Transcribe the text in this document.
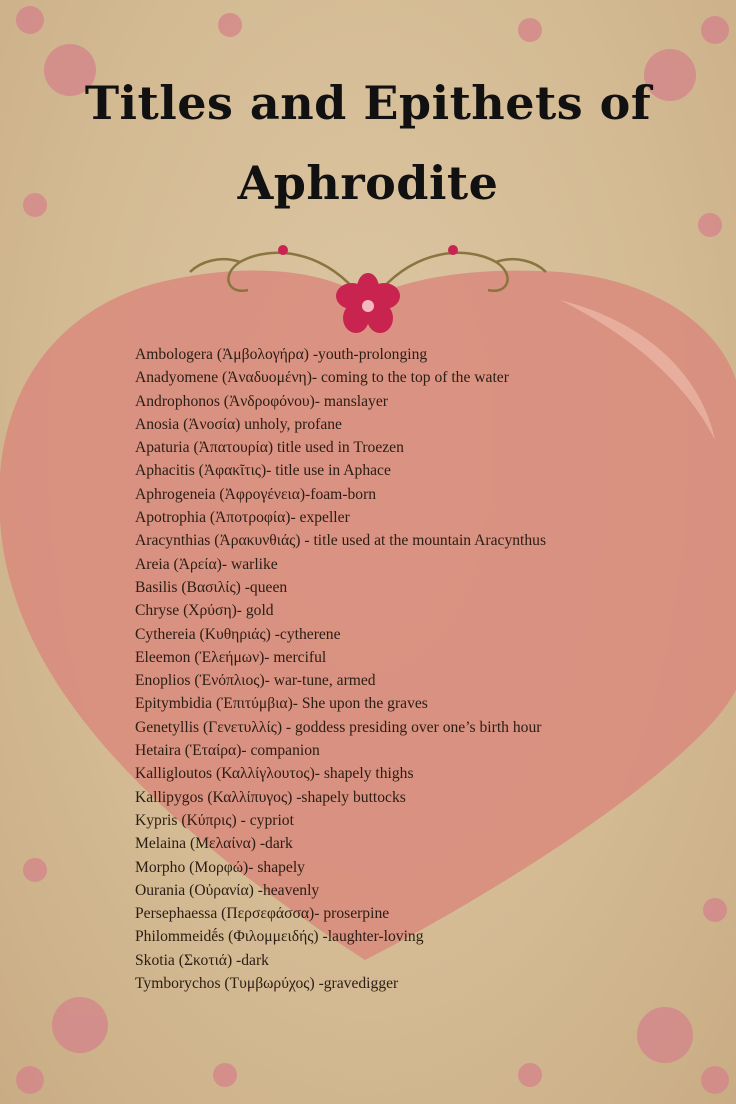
Titles and Epithets of
Aphrodite
Ambologera (Ἀμβολογήρα) -youth-prolonging
Anadyomene (Ἀναδυομένη)- coming to the top of the water
Androphonos (Ἀνδροφόνου)- manslayer
Anosia (Ἀνοσία) unholy, profane
Apaturia (Ἀπατουρία) title used in Troezen
Aphacitis (Ἀφακῖτις)- title use in Aphace
Aphrogeneia (Ἀφρογένεια)-foam-born
Apotrophia (Ἀποτροφία)- expeller
Aracynthias (Ἀρακυνθιάς) - title used at the mountain Aracynthus
Areia (Ἀρεία)- warlike
Basilis (Βασιλίς) -queen
Chryse (Χρύση)- gold
Cythereia (Κυθηριάς) -cytherene
Eleemon (Ἐλεήμων)- merciful
Enoplios (Ἐνόπλιος)- war-tune, armed
Epitymbidia (Ἐπιτύμβια)- She upon the graves
Genetyllis (Γενετυλλίς) - goddess presiding over one’s birth hour
Hetaira (Ἑταίρα)- companion
Kalligloutos (Καλλίγλουτος)- shapely thighs
Kallipygos (Καλλίπυγος) -shapely buttocks
Kypris (Κύπρις) - cypriot
Melaina (Μελαίνα) -dark
Morpho (Μορφώ)- shapely
Ourania (Οὐρανία) -heavenly
Persephaessa (Περσεφάσσα)- proserpine
Philommeidḗs (Φιλομμειδής) -laughter-loving
Skotia (Σκοτιά) -dark
Tymborychos (Τυμβωρύχος) -gravedigger
